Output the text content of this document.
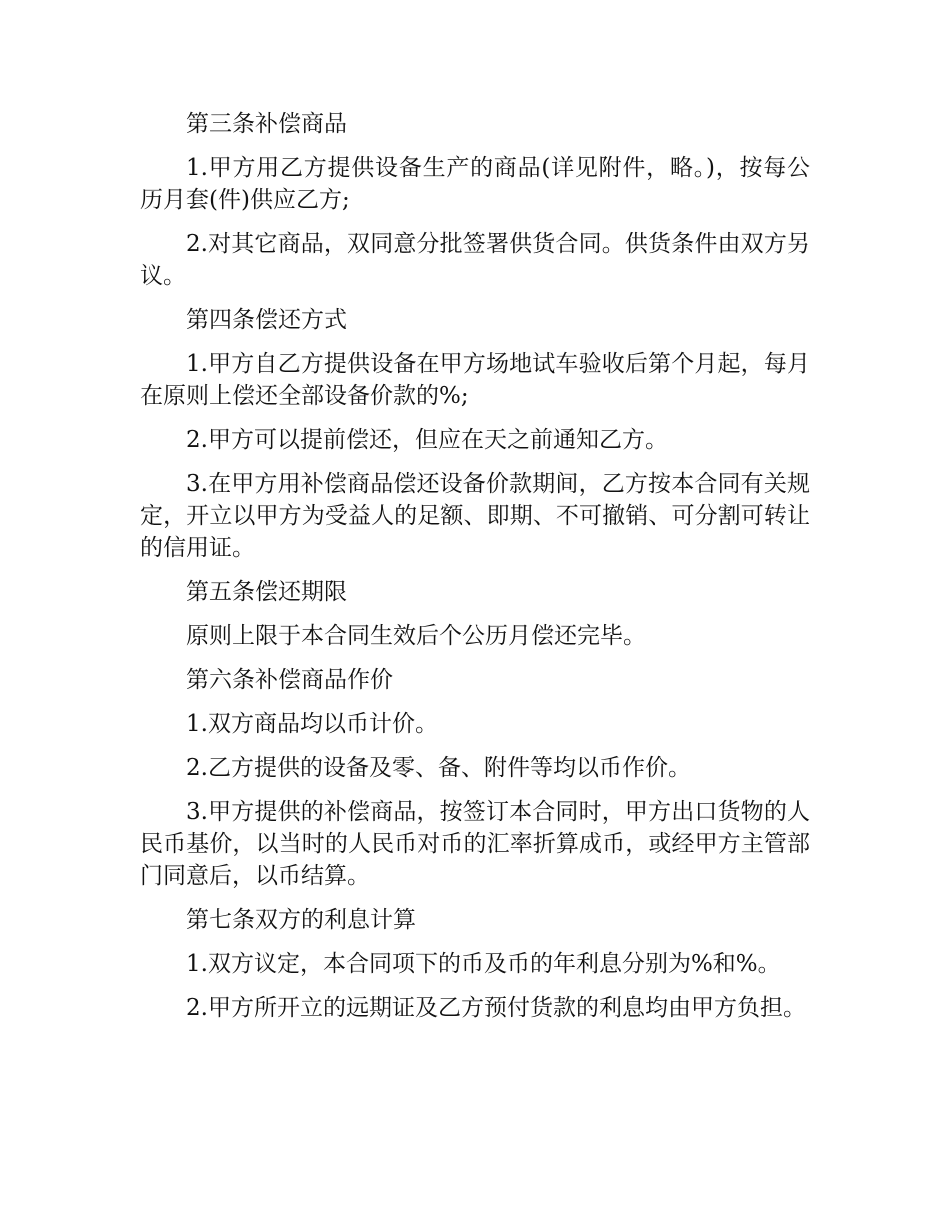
第三条补偿商品

1.甲方用乙方提供设备生产的商品(详见附件，略。)，按每公历月套(件)供应乙方;

2.对其它商品，双同意分批签署供货合同。供货条件由双方另议。

第四条偿还方式

1.甲方自乙方提供设备在甲方场地试车验收后第个月起，每月在原则上偿还全部设备价款的%;

2.甲方可以提前偿还，但应在天之前通知乙方。

3.在甲方用补偿商品偿还设备价款期间，乙方按本合同有关规定，开立以甲方为受益人的足额、即期、不可撤销、可分割可转让的信用证。

第五条偿还期限

原则上限于本合同生效后个公历月偿还完毕。

第六条补偿商品作价

1.双方商品均以币计价。

2.乙方提供的设备及零、备、附件等均以币作价。

3.甲方提供的补偿商品，按签订本合同时，甲方出口货物的人民币基价，以当时的人民币对币的汇率折算成币，或经甲方主管部门同意后，以币结算。

第七条双方的利息计算

1.双方议定，本合同项下的币及币的年利息分别为%和%。

2.甲方所开立的远期证及乙方预付货款的利息均由甲方负担。
